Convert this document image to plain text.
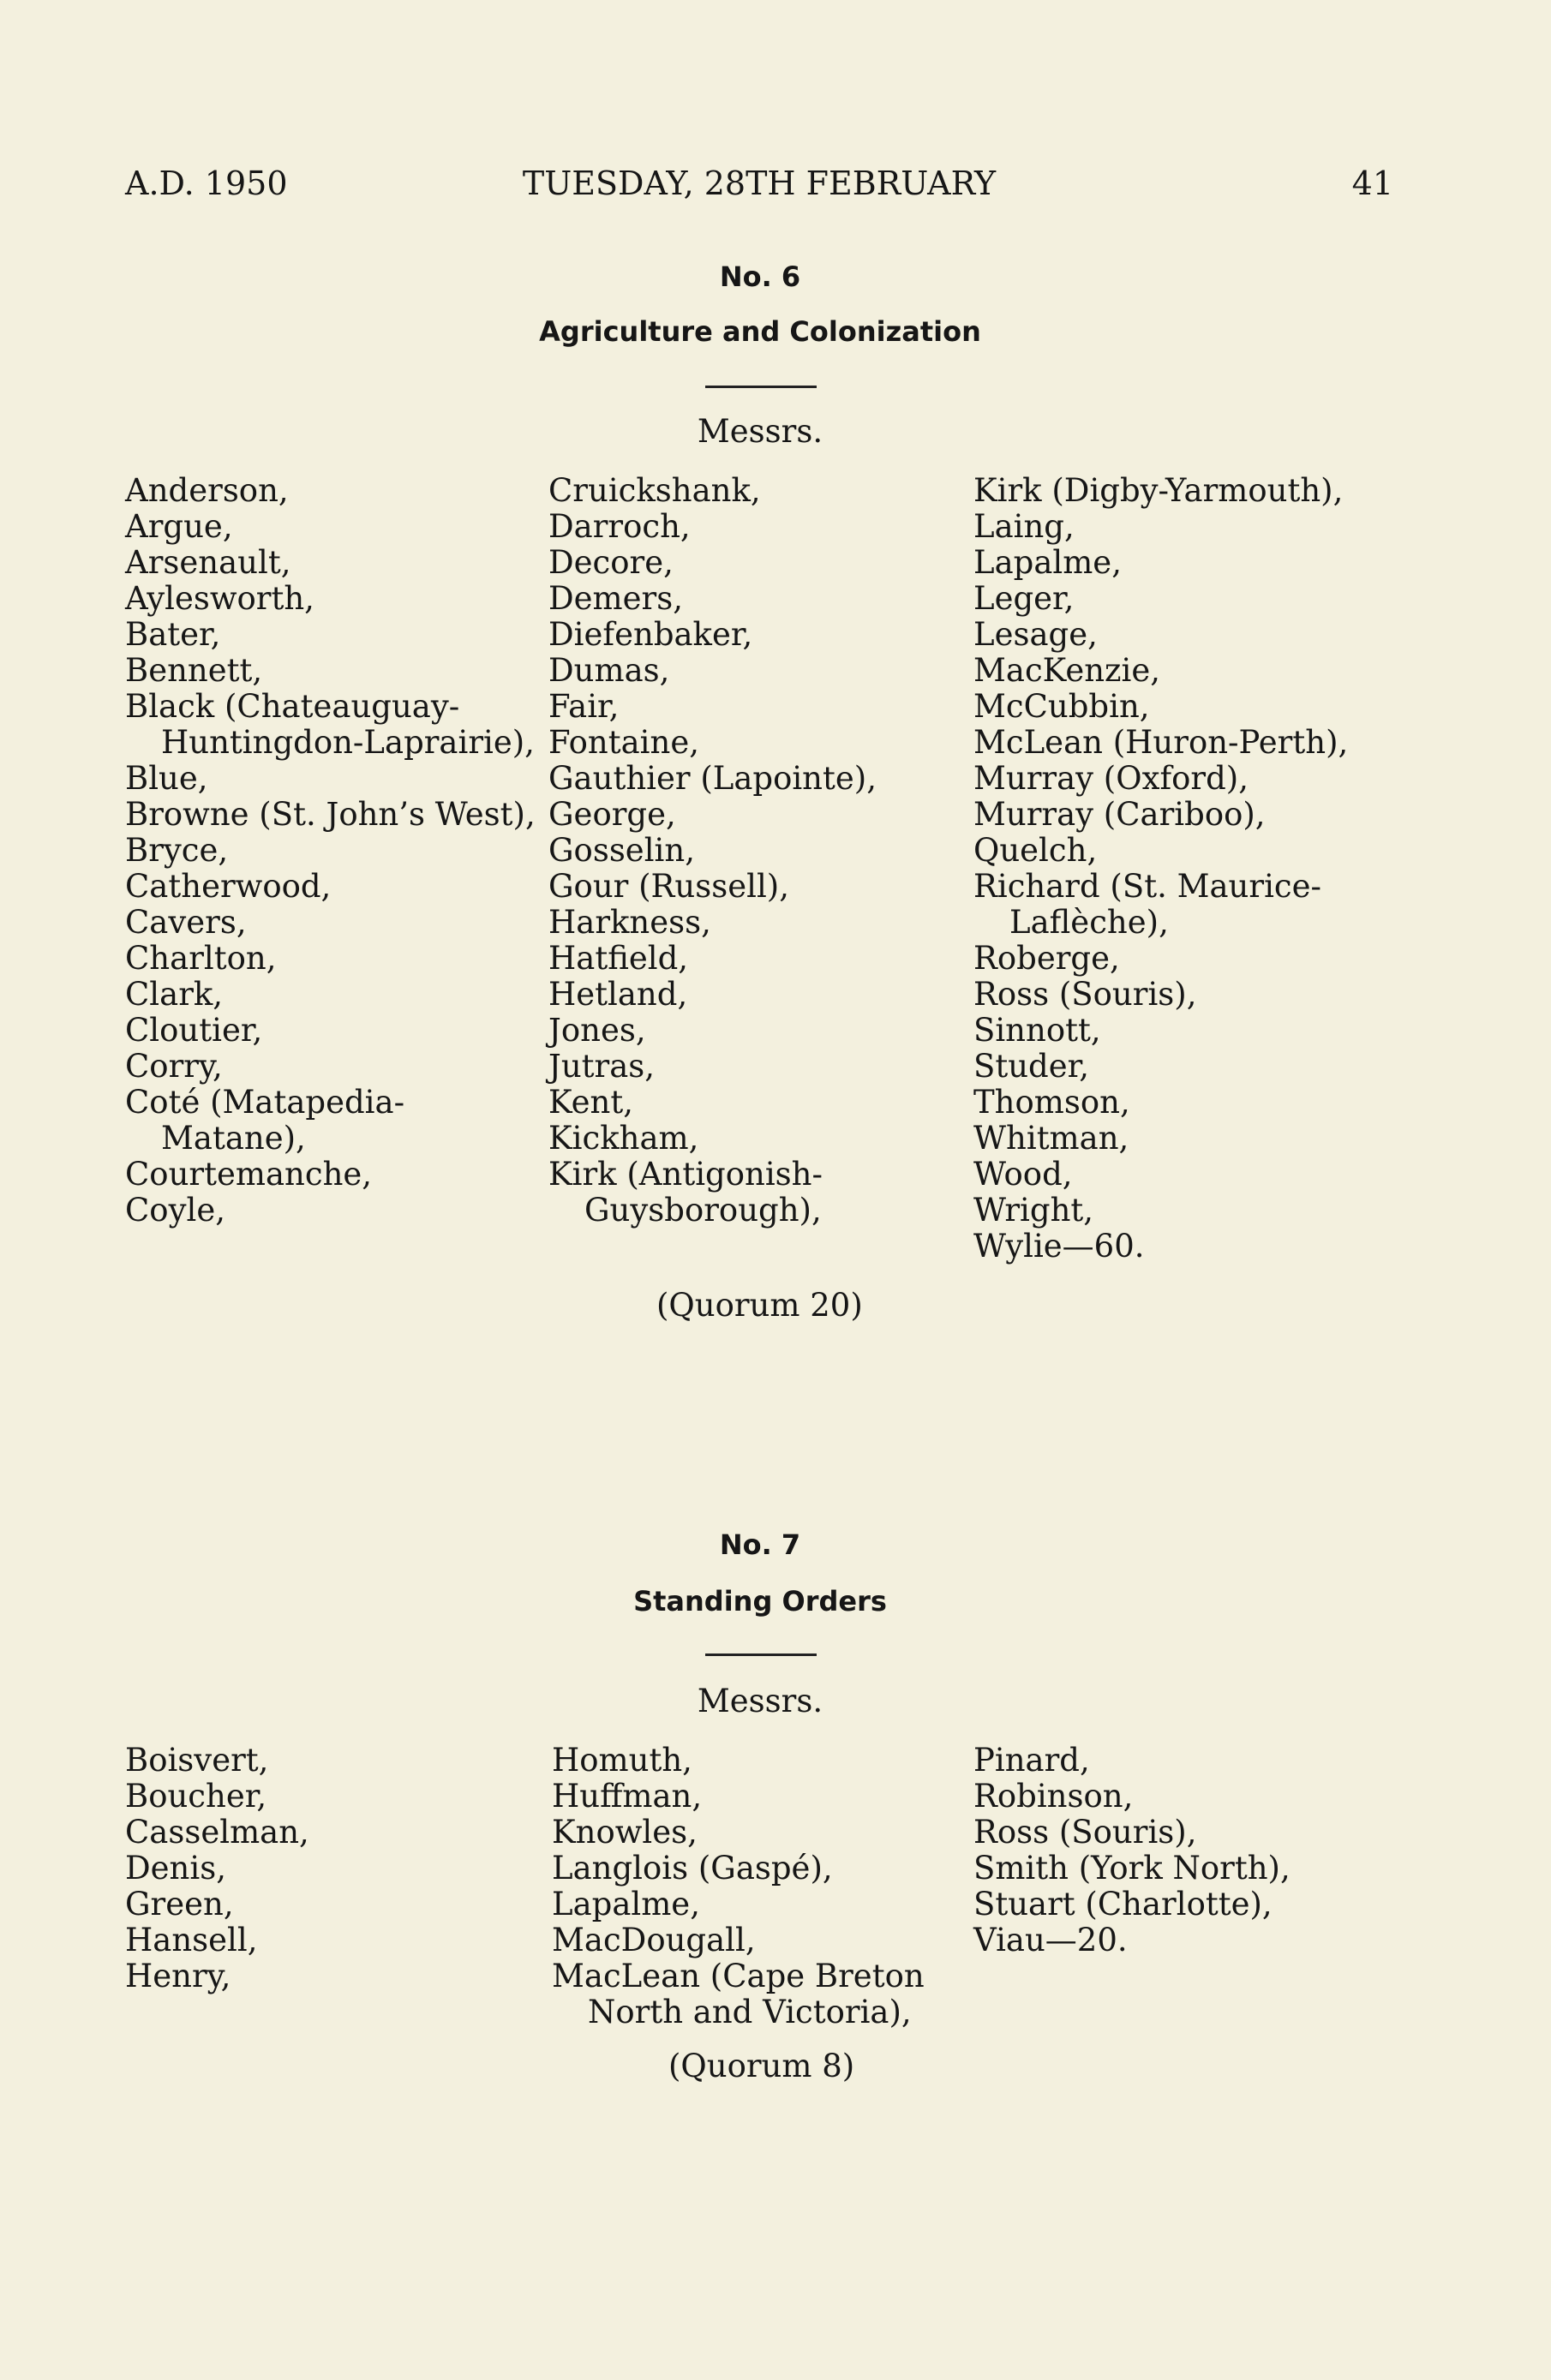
A.D. 1950	TUESDAY, 28TH FEBRUARY	41
No. 6
Agriculture and Colonization
Messrs.
Anderson,
Argue,
Arsenault,
Aylesworth,
Bater,
Bennett,
Black (Chateauguay-
Huntingdon-Laprairie),
Blue,
Browne (St. John’s West),
Bryce,
Catherwood,
Cavers,
Charlton,
Clark,
Cloutier,
Corry,
Coté (Matapedia-
Matane),
Courtemanche,
Coyle,
Cruickshank,
Darroch,
Decore,
Demers,
Diefenbaker,
Dumas,
Fair,
Fontaine,
Gauthier (Lapointe),
George,
Gosselin,
Gour (Russell),
Harkness,
Hatfield,
Hetland,
Jones,
Jutras,
Kent,
Kickham,
Kirk (Antigonish-
Guysborough),
Kirk (Digby-Yarmouth),
Laing,
Lapalme,
Leger,
Lesage,
MacKenzie,
McCubbin,
McLean (Huron-Perth),
Murray (Oxford),
Murray (Cariboo),
Quelch,
Richard (St. Maurice-
Laflèche),
Roberge,
Ross (Souris),
Sinnott,
Studer,
Thomson,
Whitman,
Wood,
Wright,
Wylie—60.
(Quorum 20)
No. 7
Standing Orders
Messrs.
Boisvert,
Boucher,
Casselman,
Denis,
Green,
Hansell,
Henry,
Homuth,
Huffman,
Knowles,
Langlois (Gaspé),
Lapalme,
MacDougall,
MacLean (Cape Breton
North and Victoria),
Pinard,
Robinson,
Ross (Souris),
Smith (York North),
Stuart (Charlotte),
Viau—20.
(Quorum 8)
